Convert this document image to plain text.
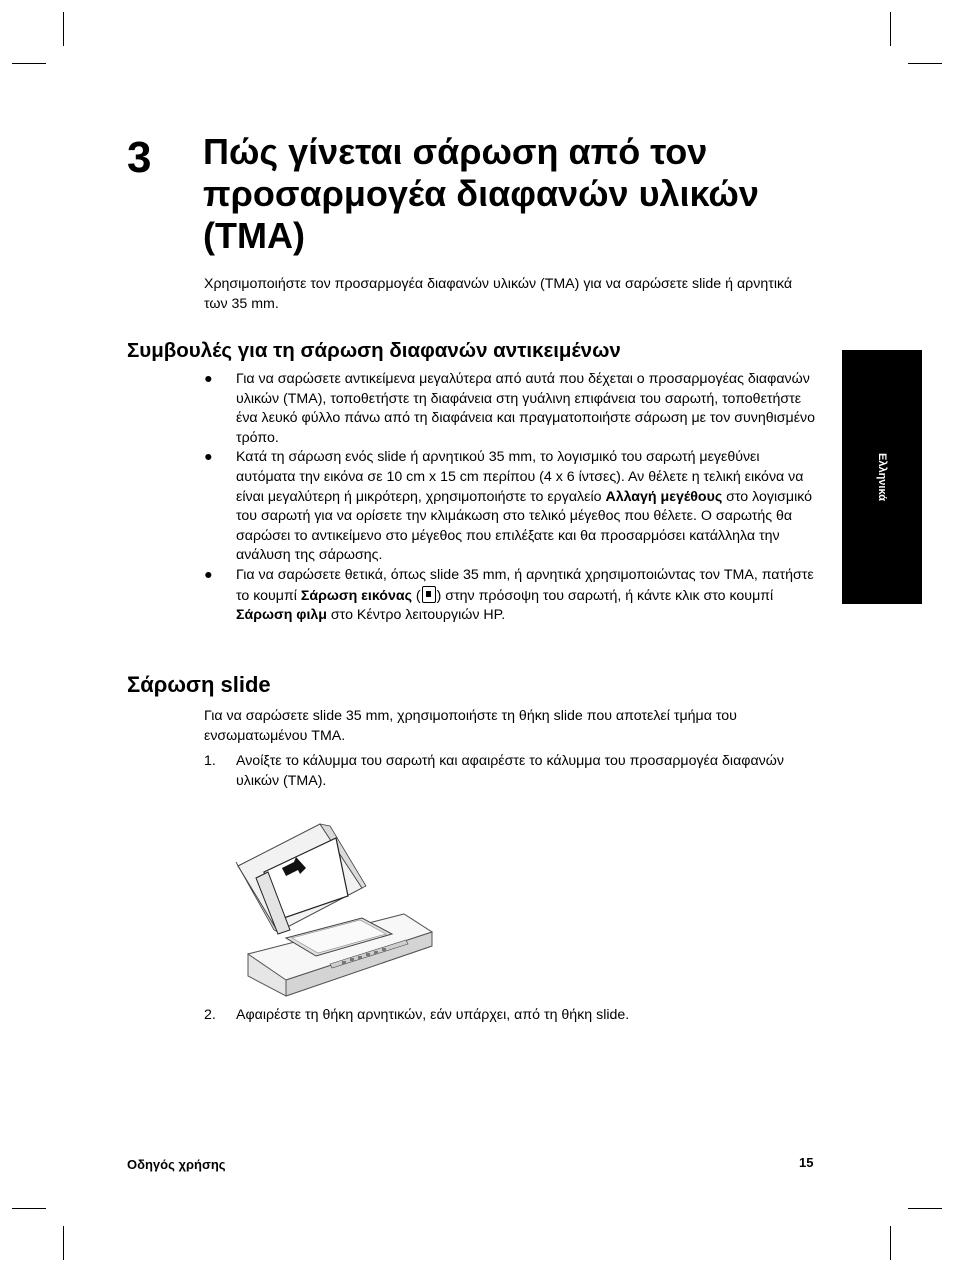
3 Πώς γίνεται σάρωση από τον προσαρμογέα διαφανών υλικών (TMA)

Χρησιμοποιήστε τον προσαρμογέα διαφανών υλικών (TMA) για να σαρώσετε slide ή αρνητικά των 35 mm.

Συμβουλές για τη σάρωση διαφανών αντικειμένων
● Για να σαρώσετε αντικείμενα μεγαλύτερα από αυτά που δέχεται ο προσαρμογέας διαφανών υλικών (TMA), τοποθετήστε τη διαφάνεια στη γυάλινη επιφάνεια του σαρωτή, τοποθετήστε ένα λευκό φύλλο πάνω από τη διαφάνεια και πραγματοποιήστε σάρωση με τον συνηθισμένο τρόπο.
● Κατά τη σάρωση ενός slide ή αρνητικού 35 mm, το λογισμικό του σαρωτή μεγεθύνει αυτόματα την εικόνα σε 10 cm x 15 cm περίπου (4 x 6 ίντσες). Αν θέλετε η τελική εικόνα να είναι μεγαλύτερη ή μικρότερη, χρησιμοποιήστε το εργαλείο Αλλαγή μεγέθους στο λογισμικό του σαρωτή για να ορίσετε την κλιμάκωση στο τελικό μέγεθος που θέλετε. Ο σαρωτής θα σαρώσει το αντικείμενο στο μέγεθος που επιλέξατε και θα προσαρμόσει κατάλληλα την ανάλυση της σάρωσης.
● Για να σαρώσετε θετικά, όπως slide 35 mm, ή αρνητικά χρησιμοποιώντας τον TMA, πατήστε το κουμπί Σάρωση εικόνας ( ) στην πρόσοψη του σαρωτή, ή κάντε κλικ στο κουμπί Σάρωση φιλμ στο Κέντρο λειτουργιών HP.
Σάρωση slide

Για να σαρώσετε slide 35 mm, χρησιμοποιήστε τη θήκη slide που αποτελεί τμήμα του ενσωματωμένου TMA.

1.	Ανοίξτε το κάλυμμα του σαρωτή και αφαιρέστε το κάλυμμα του προσαρμογέα διαφανών υλικών (TMA).
2.	Αφαιρέστε τη θήκη αρνητικών, εάν υπάρχει, από τη θήκη slide.
Ελληνικά
Οδηγός χρήσης	15
